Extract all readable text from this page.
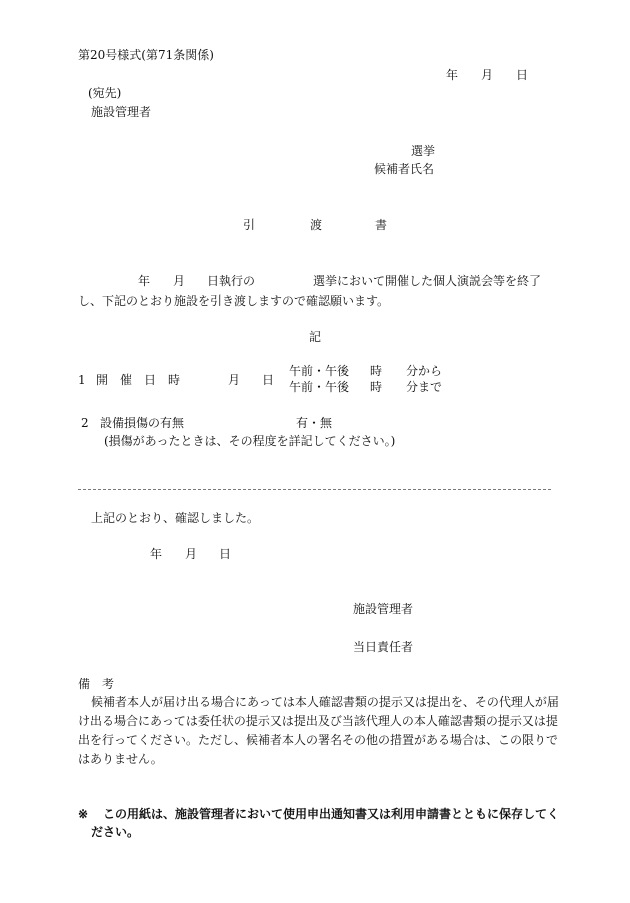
第20号様式(第71条関係)
年 月 日
(宛先)
施設管理者
選挙
候補者氏名
引	渡	書
年 月 日執行の	選挙において開催した個人演説会等を終了
し、下記のとおり施設を引き渡しますので確認願います。
記
1 開　催　日　時	月 日
午前・午後 時 分から
午前・午後 時 分まで
2 設備損傷の有無	有・無
(損傷があったときは、その程度を詳記してください。)
上記のとおり、確認しました。
年 月 日
施設管理者
当日責任者
備　考
候補者本人が届け出る場合にあっては本人確認書類の提示又は提出を、その代理人が届
け出る場合にあっては委任状の提示又は提出及び当該代理人の本人確認書類の提示又は提
出を行ってください。ただし、候補者本人の署名その他の措置がある場合は、この限りで
はありません。
※ この用紙は、施設管理者において使用申出通知書又は利用申請書とともに保存してく
ださい。
